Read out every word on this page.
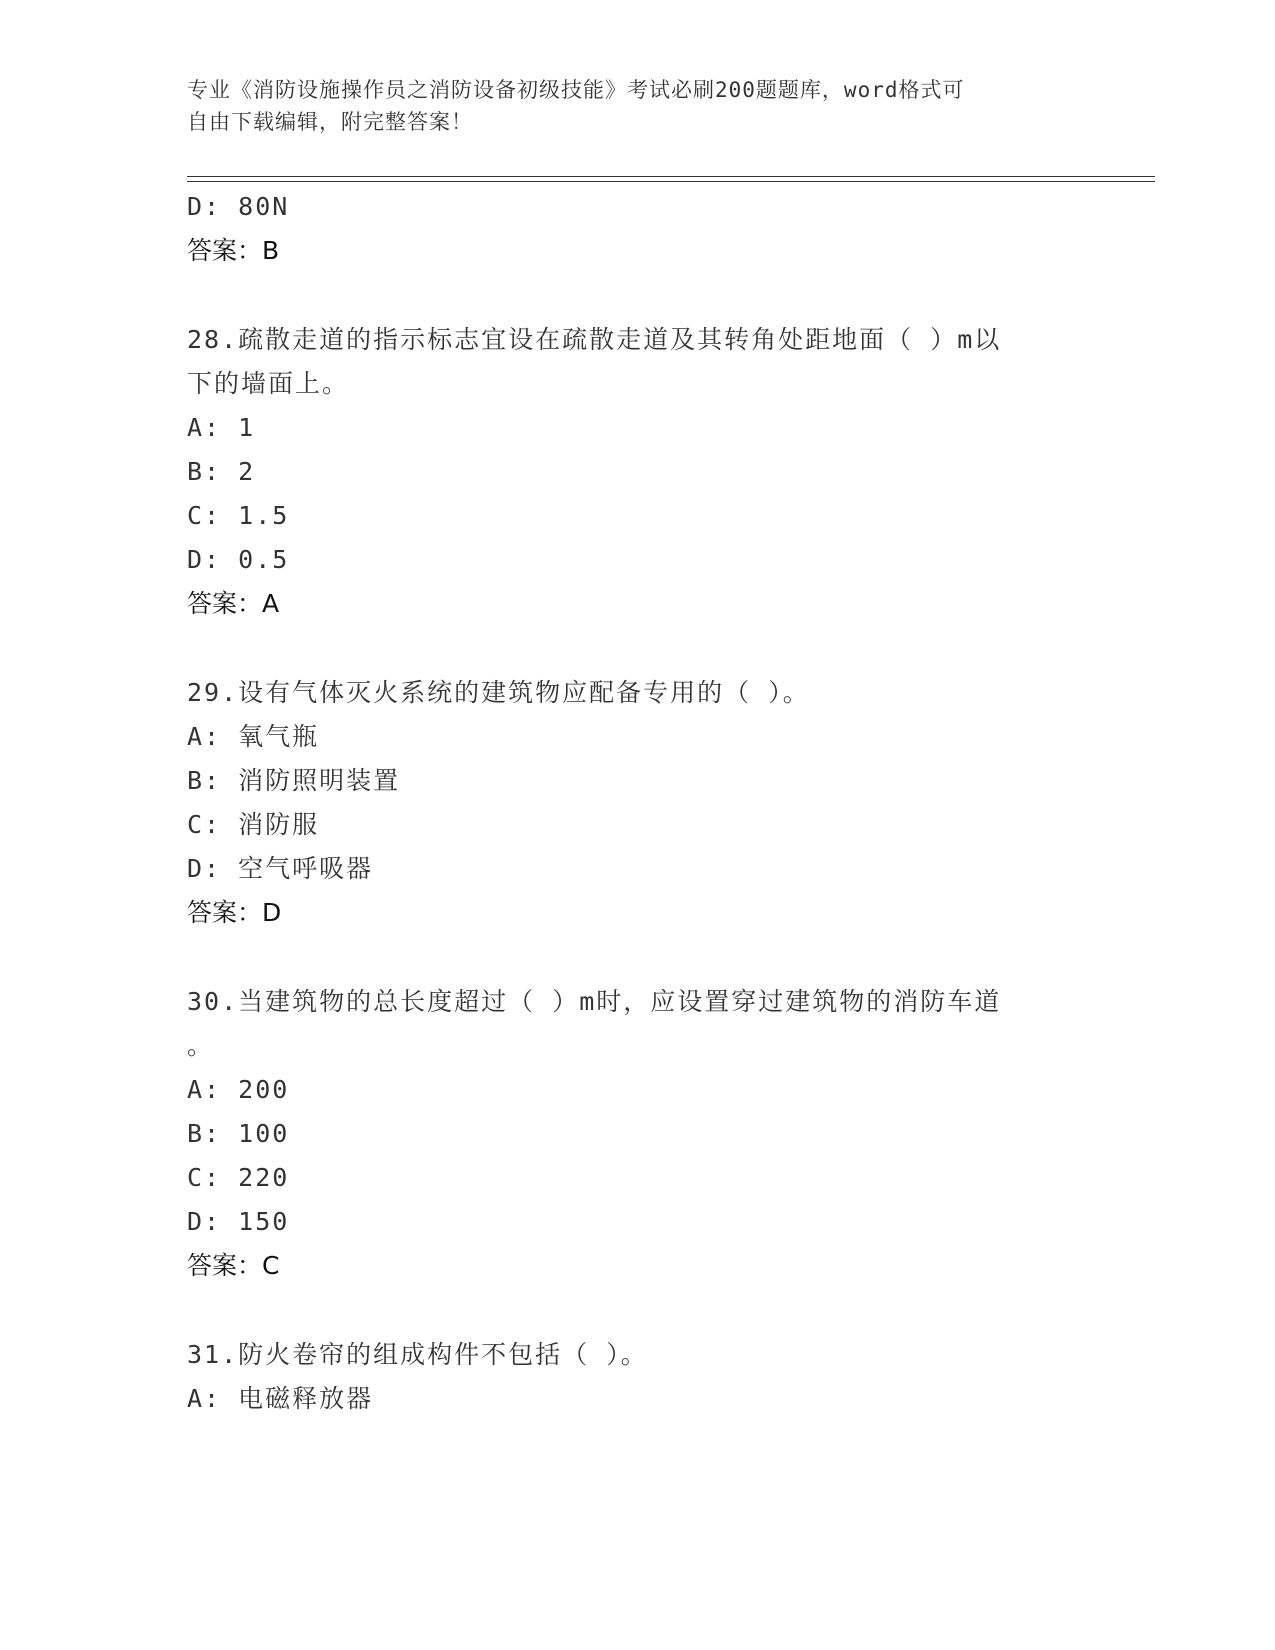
专业《消防设施操作员之消防设备初级技能》考试必刷200题题库，word格式可
自由下载编辑，附完整答案！
D: 80N
答案：B
28.疏散走道的指示标志宜设在疏散走道及其转角处距地面（ ）m以
下的墙面上。
A: 1
B: 2
C: 1.5
D: 0.5
答案：A
29.设有气体灭火系统的建筑物应配备专用的（ ）。
A: 氧气瓶
B: 消防照明装置
C: 消防服
D: 空气呼吸器
答案：D
30.当建筑物的总长度超过（ ）m时，应设置穿过建筑物的消防车道
。
A: 200
B: 100
C: 220
D: 150
答案：C
31.防火卷帘的组成构件不包括（ ）。
A: 电磁释放器
